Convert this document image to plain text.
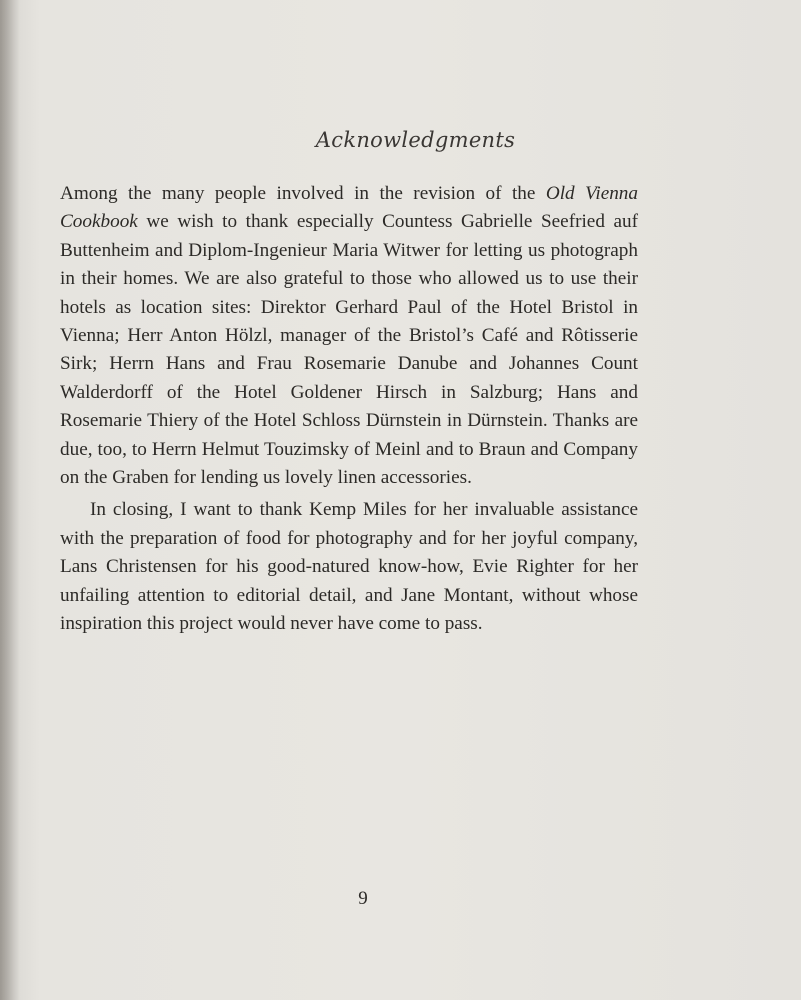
Acknowledgments

Among the many people involved in the revision of the Old Vienna Cookbook we wish to thank especially Countess Gabrielle Seefried auf Buttenheim and Diplom-Ingenieur Maria Witwer for letting us photograph in their homes. We are also grateful to those who allowed us to use their hotels as location sites: Direktor Gerhard Paul of the Hotel Bristol in Vienna; Herr Anton Hölzl, manager of the Bristol’s Café and Rôtisserie Sirk; Herrn Hans and Frau Rosemarie Danube and Johannes Count Walderdorff of the Hotel Goldener Hirsch in Salzburg; Hans and Rosemarie Thiery of the Hotel Schloss Dürnstein in Dürnstein. Thanks are due, too, to Herrn Helmut Touzimsky of Meinl and to Braun and Company on the Graben for lending us lovely linen accessories.

In closing, I want to thank Kemp Miles for her invaluable assistance with the preparation of food for photography and for her joyful company, Lans Christensen for his good-natured know-how, Evie Righter for her unfailing attention to editorial detail, and Jane Montant, without whose inspiration this project would never have come to pass.

9
